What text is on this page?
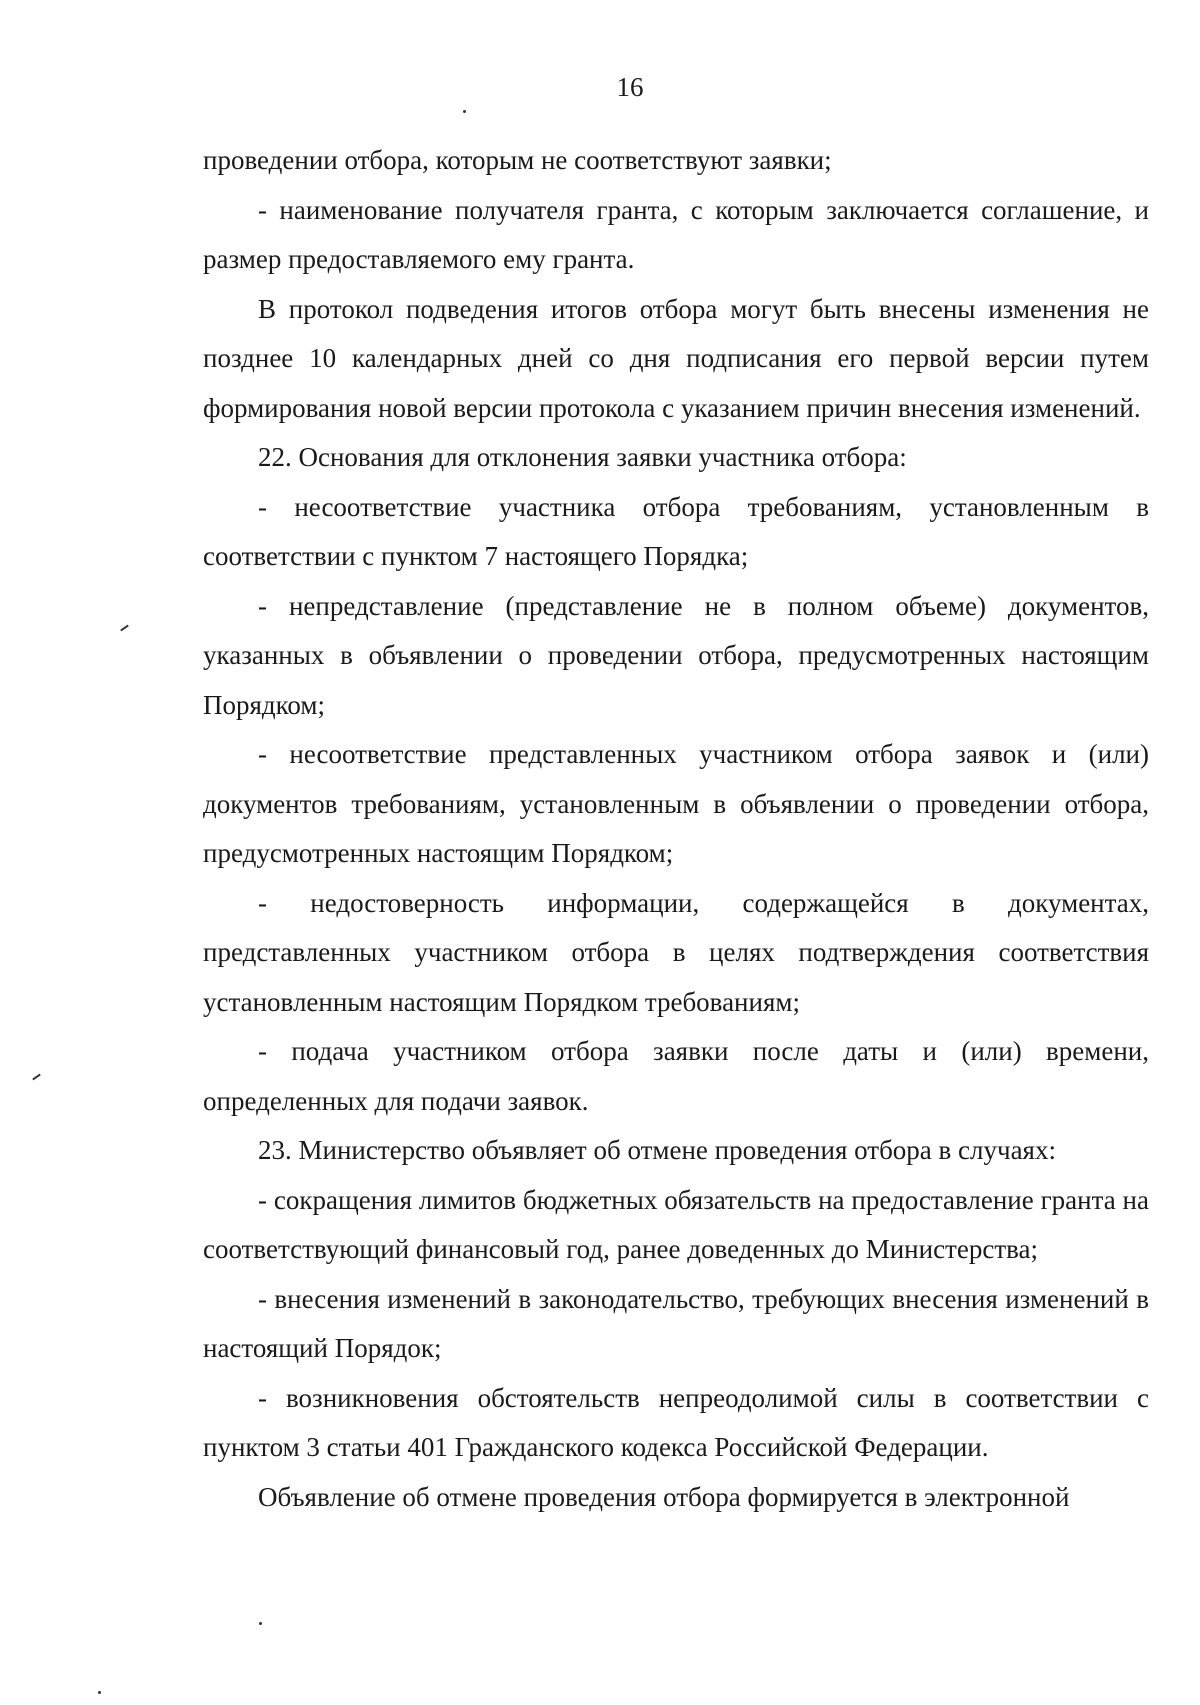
16

проведении отбора, которым не соответствуют заявки;

- наименование получателя гранта, с которым заключается соглашение, и размер предоставляемого ему гранта.

В протокол подведения итогов отбора могут быть внесены изменения не позднее 10 календарных дней со дня подписания его первой версии путем формирования новой версии протокола с указанием причин внесения изменений.

22. Основания для отклонения заявки участника отбора:

- несоответствие участника отбора требованиям, установленным в соответствии с пунктом 7 настоящего Порядка;

- непредставление (представление не в полном объеме) документов, указанных в объявлении о проведении отбора, предусмотренных настоящим Порядком;

- несоответствие представленных участником отбора заявок и (или) документов требованиям, установленным в объявлении о проведении отбора, предусмотренных настоящим Порядком;

- недостоверность информации, содержащейся в документах, представленных участником отбора в целях подтверждения соответствия установленным настоящим Порядком требованиям;

- подача участником отбора заявки после даты и (или) времени, определенных для подачи заявок.

23. Министерство объявляет об отмене проведения отбора в случаях:

- сокращения лимитов бюджетных обязательств на предоставление гранта на соответствующий финансовый год, ранее доведенных до Министерства;

- внесения изменений в законодательство, требующих внесения изменений в настоящий Порядок;

- возникновения обстоятельств непреодолимой силы в соответствии с пунктом 3 статьи 401 Гражданского кодекса Российской Федерации.

Объявление об отмене проведения отбора формируется в электронной
